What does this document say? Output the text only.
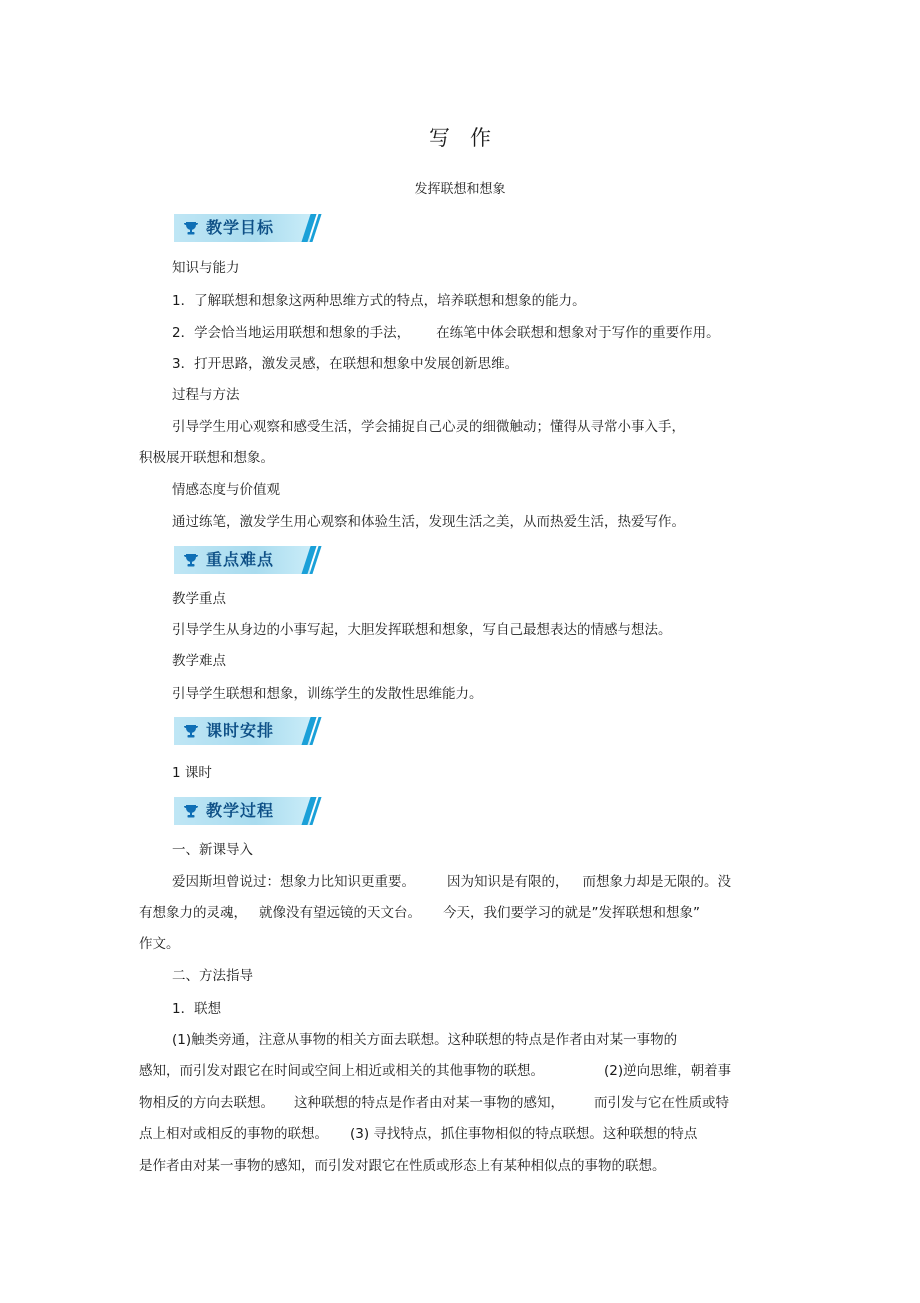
写作
发挥联想和想象
教学目标
知识与能力
1．了解联想和想象这两种思维方式的特点，培养联想和想象的能力。
2．学会恰当地运用联想和想象的手法， 在练笔中体会联想和想象对于写作的重要作用。
3．打开思路，激发灵感，在联想和想象中发展创新思维。
过程与方法
引导学生用心观察和感受生活，学会捕捉自己心灵的细微触动；懂得从寻常小事入手，
积极展开联想和想象。
情感态度与价值观
通过练笔，激发学生用心观察和体验生活，发现生活之美，从而热爱生活，热爱写作。
重点难点
教学重点
引导学生从身边的小事写起，大胆发挥联想和想象，写自己最想表达的情感与想法。
教学难点
引导学生联想和想象，训练学生的发散性思维能力。
课时安排
1 课时
教学过程
一、新课导入
爱因斯坦曾说过：想象力比知识更重要。 因为知识是有限的， 而想象力却是无限的。没
有想象力的灵魂， 就像没有望远镜的天文台。 今天，我们要学习的就是”发挥联想和想象”
作文。
二、方法指导
1．联想
(1)触类旁通，注意从事物的相关方面去联想。这种联想的特点是作者由对某一事物的
感知，而引发对跟它在时间或空间上相近或相关的其他事物的联想。	(2)逆向思维，朝着事
物相反的方向去联想。 这种联想的特点是作者由对某一事物的感知， 而引发与它在性质或特
点上相对或相反的事物的联想。 (3) 寻找特点，抓住事物相似的特点联想。这种联想的特点
是作者由对某一事物的感知，而引发对跟它在性质或形态上有某种相似点的事物的联想。
